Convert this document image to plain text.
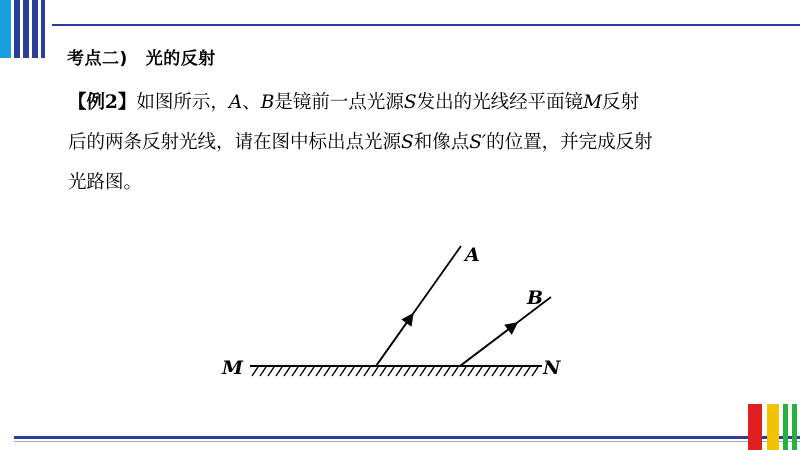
考点二) 光的反射
【例2】如图所示，A、B是镜前一点光源S发出的光线经平面镜M反射
后的两条反射光线，请在图中标出点光源S和像点S′的位置，并完成反射
光路图。
A
B
M	N
